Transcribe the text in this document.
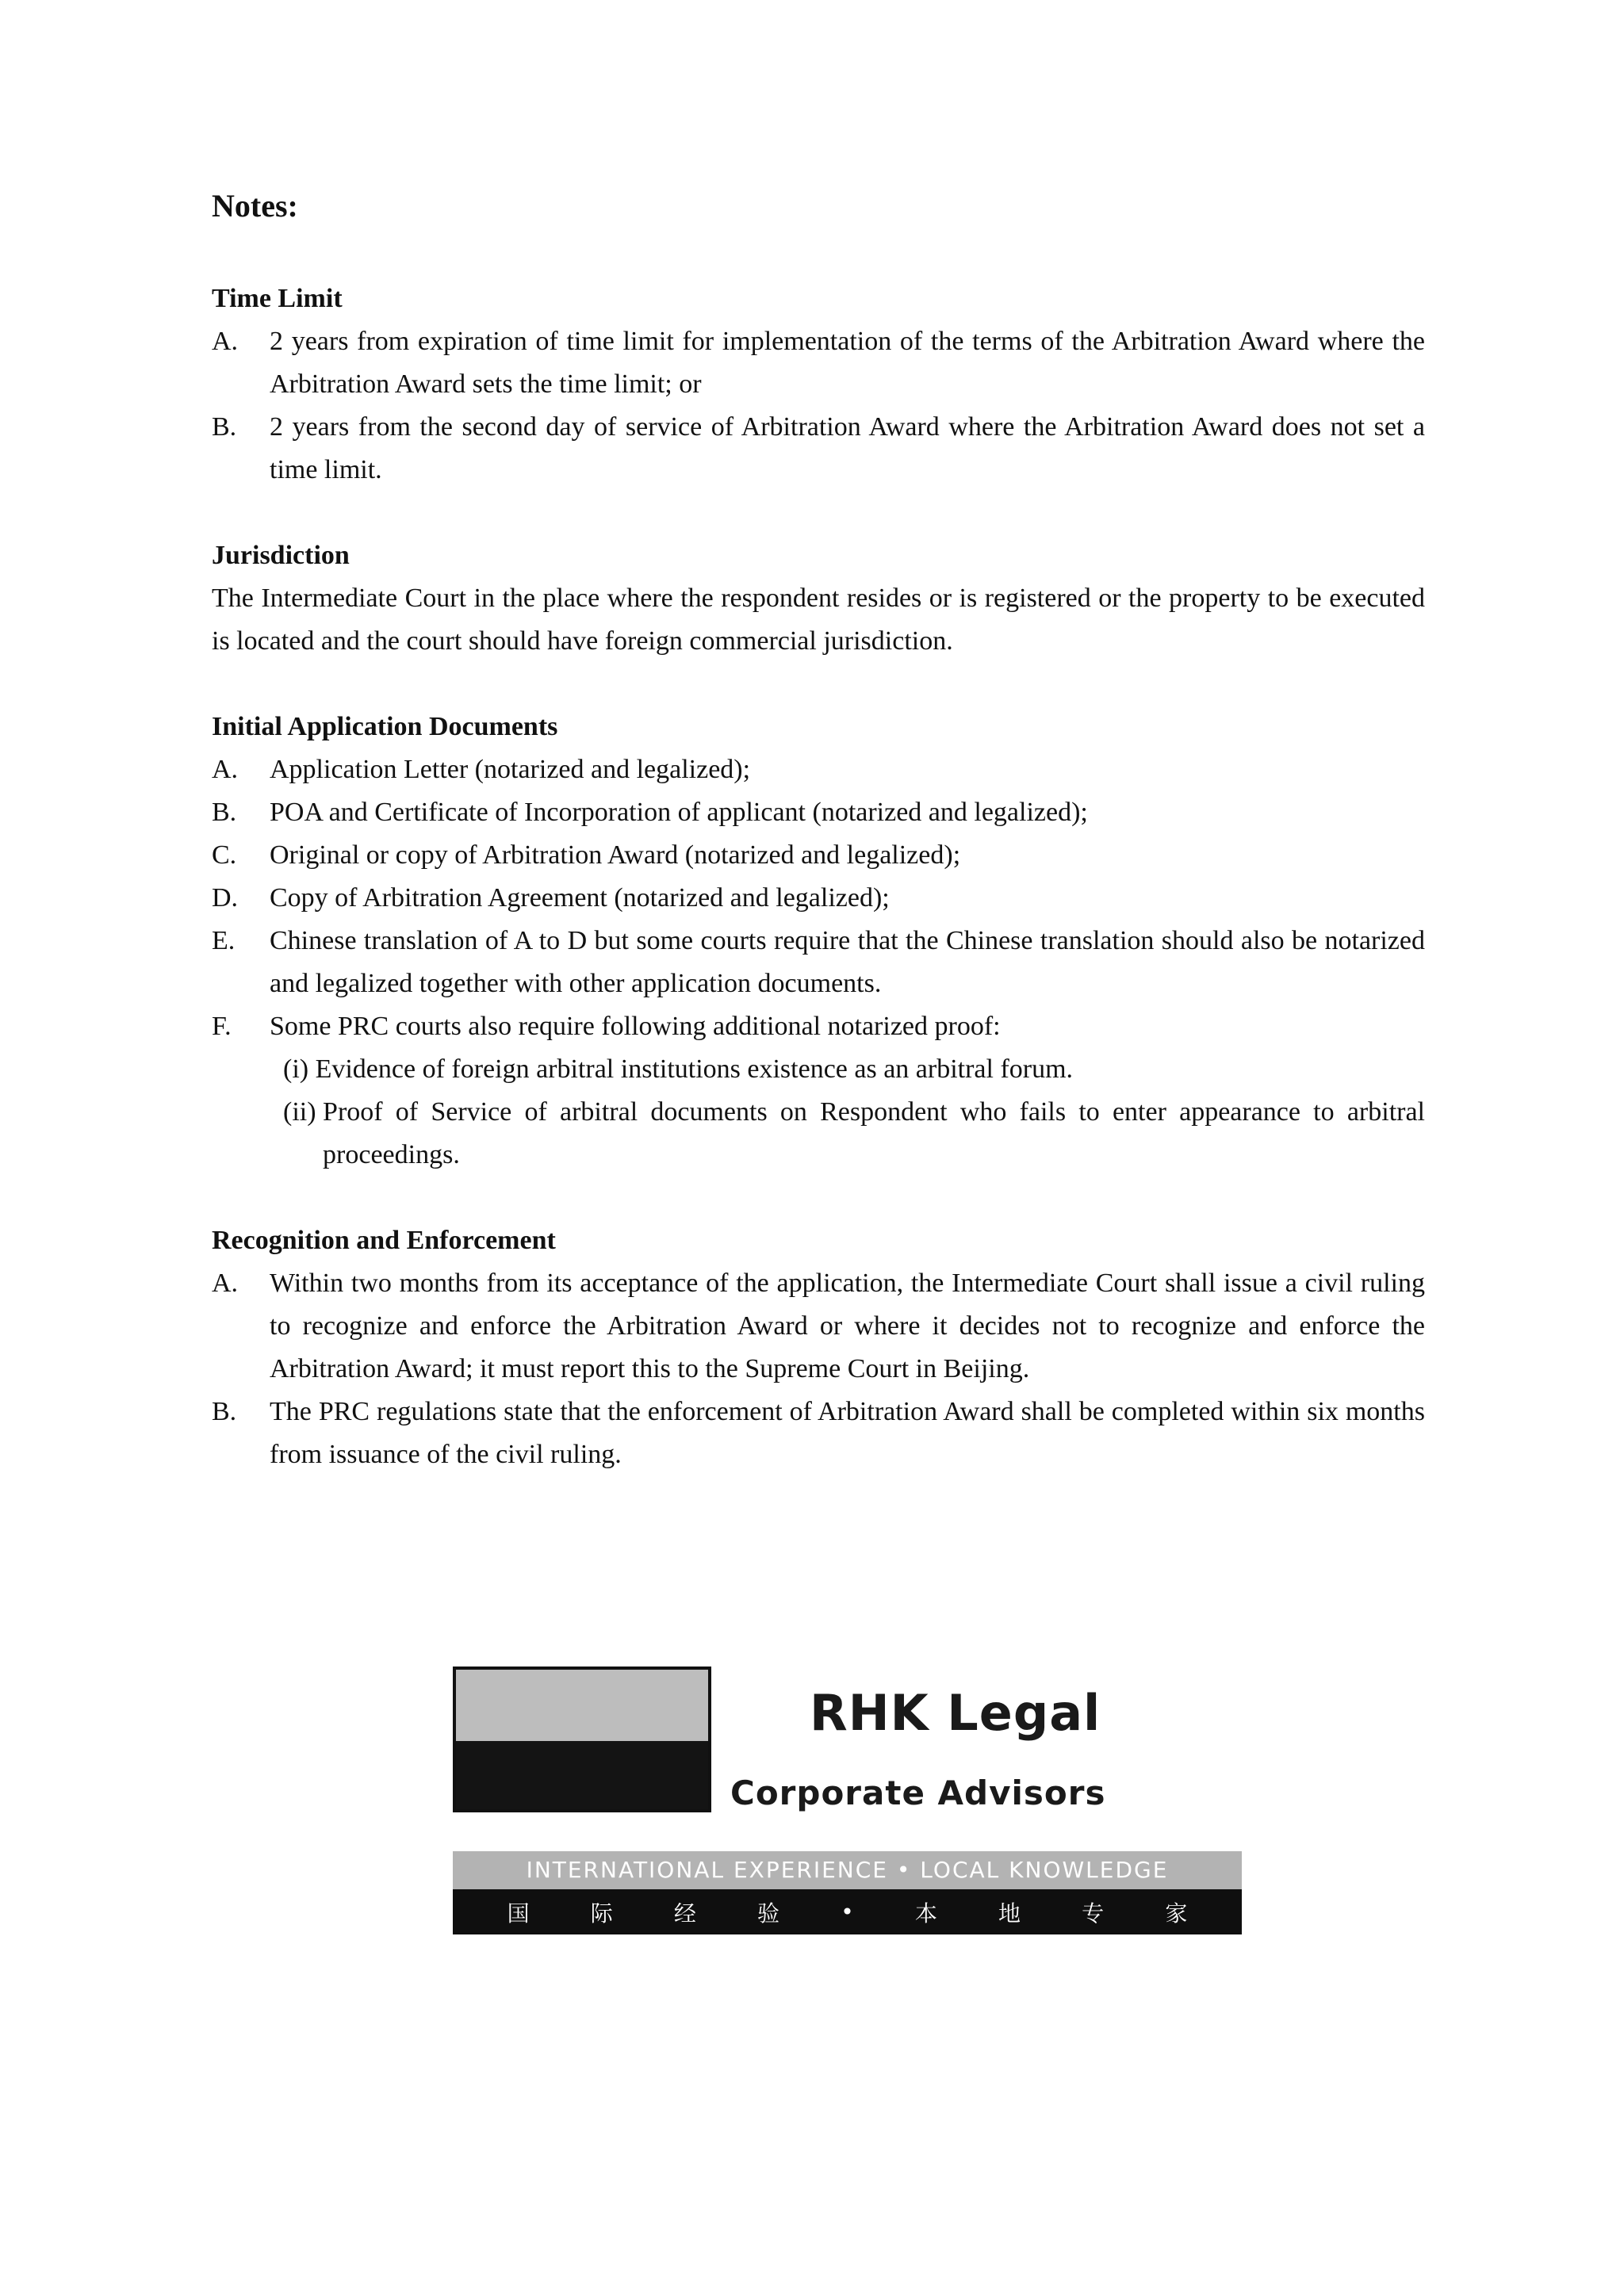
Notes:
Time Limit
A.	2 years from expiration of time limit for implementation of the terms of the Arbitration Award where the Arbitration Award sets the time limit; or
B.	2 years from the second day of service of Arbitration Award where the Arbitration Award does not set a time limit.
Jurisdiction

The Intermediate Court in the place where the respondent resides or is registered or the property to be executed is located and the court should have foreign commercial jurisdiction.

Initial Application Documents
A.	Application Letter (notarized and legalized);
B.	POA and Certificate of Incorporation of applicant (notarized and legalized);
C.	Original or copy of Arbitration Award (notarized and legalized);
D.	Copy of Arbitration Agreement (notarized and legalized);
E.	Chinese translation of A to D but some courts require that the Chinese translation should also be notarized and legalized together with other application documents.
F.	Some PRC courts also require following additional notarized proof:
(i) Evidence of foreign arbitral institutions existence as an arbitral forum.
(ii) Proof of Service of arbitral documents on Respondent who fails to enter appearance to arbitral proceedings.
Recognition and Enforcement
A.	Within two months from its acceptance of the application, the Intermediate Court shall issue a civil ruling to recognize and enforce the Arbitration Award or where it decides not to recognize and enforce the Arbitration Award; it must report this to the Supreme Court in Beijing.
B.	The PRC regulations state that the enforcement of Arbitration Award shall be completed within six months from issuance of the civil ruling.
RHK Legal
Corporate Advisors
INTERNATIONAL EXPERIENCE • LOCAL KNOWLEDGE
国	际	经	验	•	本	地	专	家
